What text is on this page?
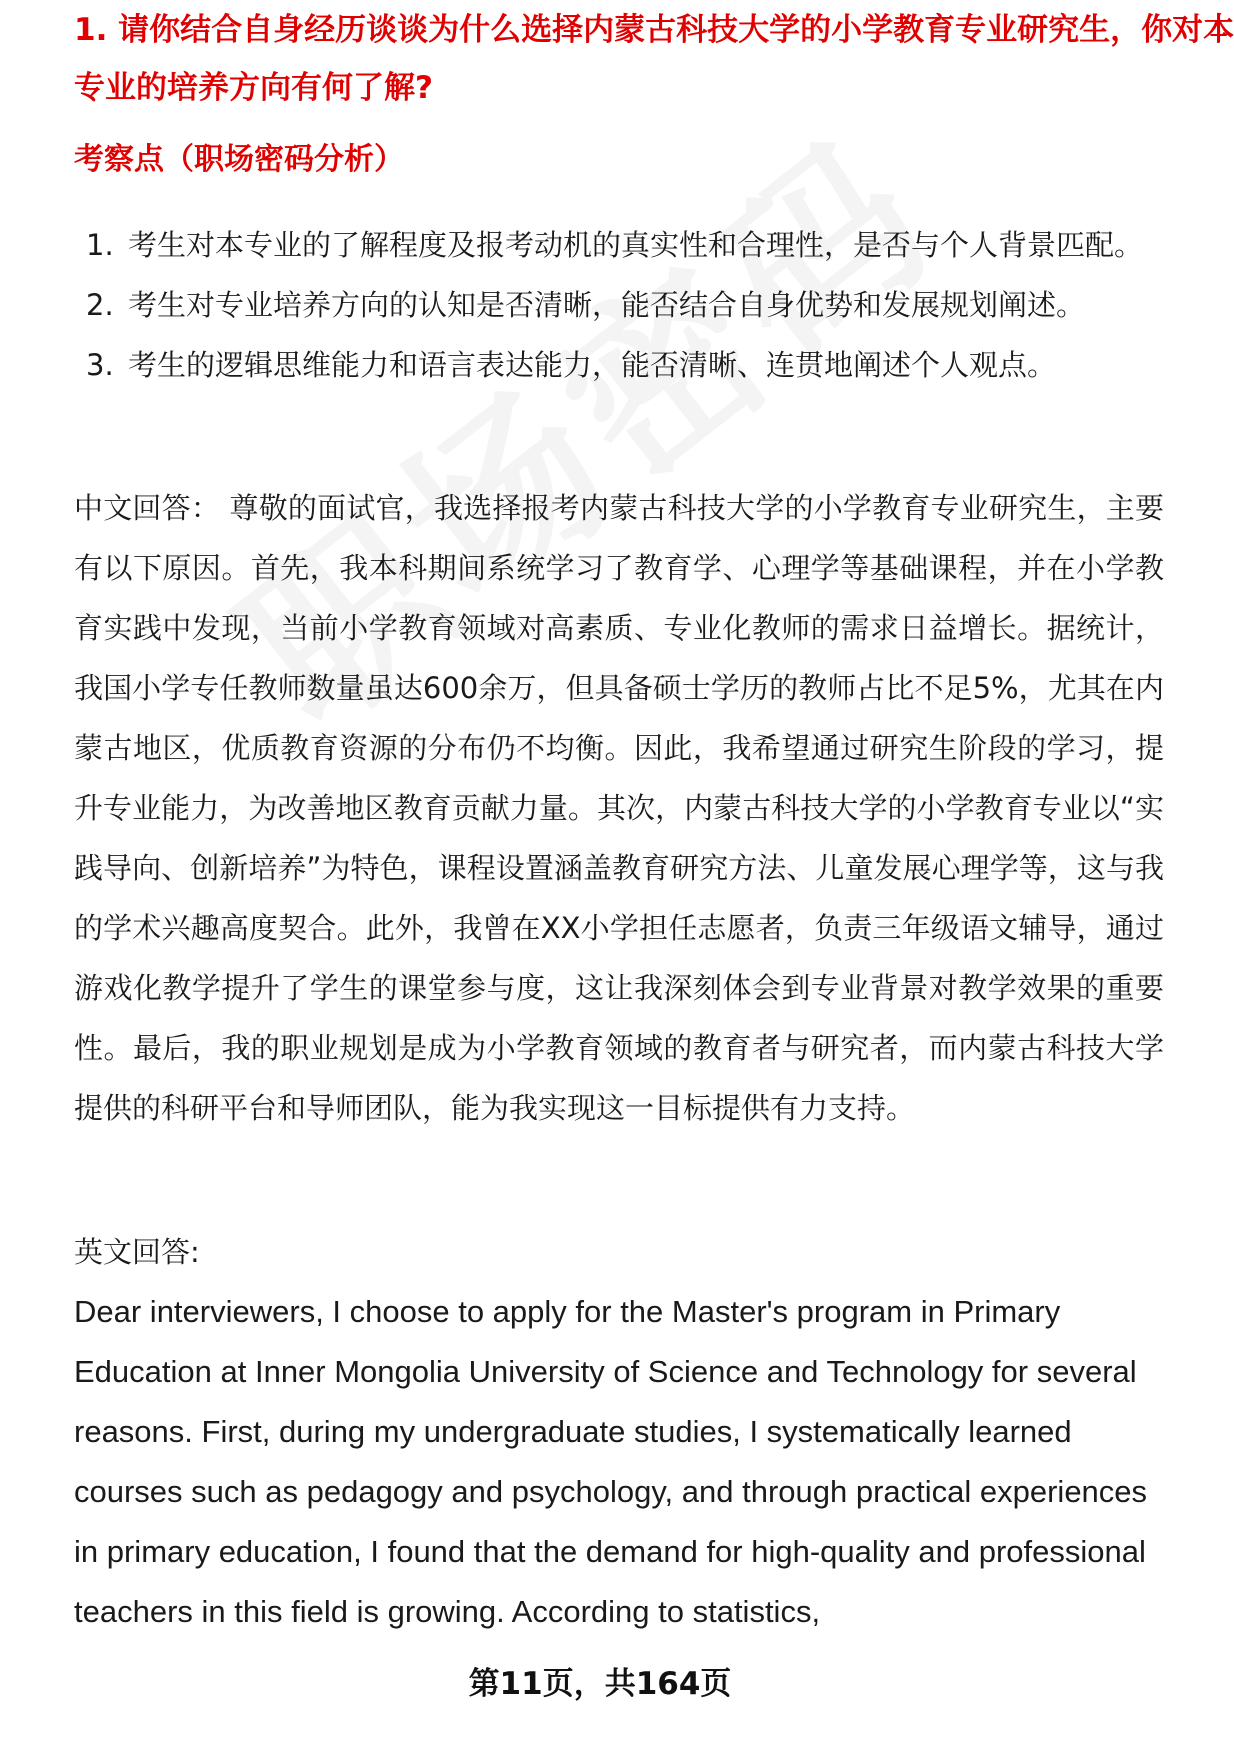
1. 请你结合自身经历谈谈为什么选择内蒙古科技大学的小学教育专业研究生，你对本
专业的培养方向有何了解?
考察点（职场密码分析）
1. 考生对本专业的了解程度及报考动机的真实性和合理性，是否与个人背景匹配。
2. 考生对专业培养方向的认知是否清晰，能否结合自身优势和发展规划阐述。
3. 考生的逻辑思维能力和语言表达能力，能否清晰、连贯地阐述个人观点。

中文回答： 尊敬的面试官，我选择报考内蒙古科技大学的小学教育专业研究生，主要有以下原因。首先，我本科期间系统学习了教育学、心理学等基础课程，并在小学教育实践中发现，当前小学教育领域对高素质、专业化教师的需求日益增长。据统计，我国小学专任教师数量虽达600余万，但具备硕士学历的教师占比不足5%，尤其在内蒙古地区，优质教育资源的分布仍不均衡。因此，我希望通过研究生阶段的学习，提升专业能力，为改善地区教育贡献力量。其次，内蒙古科技大学的小学教育专业以“实践导向、创新培养”为特色，课程设置涵盖教育研究方法、儿童发展心理学等，这与我的学术兴趣高度契合。此外，我曾在XX小学担任志愿者，负责三年级语文辅导，通过游戏化教学提升了学生的课堂参与度，这让我深刻体会到专业背景对教学效果的重要性。最后，我的职业规划是成为小学教育领域的教育者与研究者，而内蒙古科技大学提供的科研平台和导师团队，能为我实现这一目标提供有力支持。

英文回答:

Dear interviewers, I choose to apply for the Master's program in Primary Education at Inner Mongolia University of Science and Technology for several reasons. First, during my undergraduate studies, I systematically learned courses such as pedagogy and psychology, and through practical experiences in primary education, I found that the demand for high-quality and professional teachers in this field is growing. According to statistics,

第11页，共164页
